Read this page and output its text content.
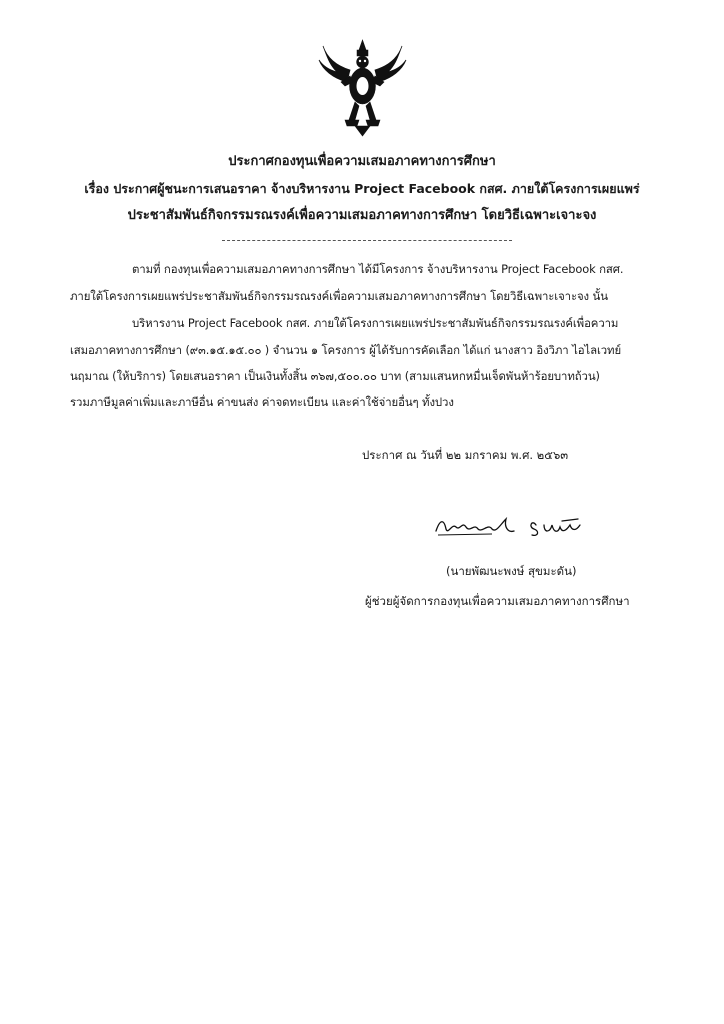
ประกาศกองทุนเพื่อความเสมอภาคทางการศึกษา
เรื่อง ประกาศผู้ชนะการเสนอราคา จ้างบริหารงาน Project Facebook กสศ. ภายใต้โครงการเผยแพร่
ประชาสัมพันธ์กิจกรรมรณรงค์เพื่อความเสมอภาคทางการศึกษา โดยวิธีเฉพาะเจาะจง
ตามที่ กองทุนเพื่อความเสมอภาคทางการศึกษา ได้มีโครงการ จ้างบริหารงาน Project Facebook กสศ.
ภายใต้โครงการเผยแพร่ประชาสัมพันธ์กิจกรรมรณรงค์เพื่อความเสมอภาคทางการศึกษา โดยวิธีเฉพาะเจาะจง นั้น
บริหารงาน Project Facebook กสศ. ภายใต้โครงการเผยแพร่ประชาสัมพันธ์กิจกรรมรณรงค์เพื่อความ
เสมอภาคทางการศึกษา (๙๓.๑๕.๑๕.๐๐ ) จำนวน ๑ โครงการ ผู้ได้รับการคัดเลือก ได้แก่ นางสาว อิงวิภา ไอไลเวทย์
นฤมาณ (ให้บริการ) โดยเสนอราคา เป็นเงินทั้งสิ้น ๓๖๗,๕๐๐.๐๐ บาท (สามแสนหกหมื่นเจ็ดพันห้าร้อยบาทถ้วน)
รวมภาษีมูลค่าเพิ่มและภาษีอื่น ค่าขนส่ง ค่าจดทะเบียน และค่าใช้จ่ายอื่นๆ ทั้งปวง
ประกาศ ณ วันที่ ๒๒ มกราคม พ.ศ. ๒๕๖๓
(นายพัฒนะพงษ์ สุขมะดัน)
ผู้ช่วยผู้จัดการกองทุนเพื่อความเสมอภาคทางการศึกษา
